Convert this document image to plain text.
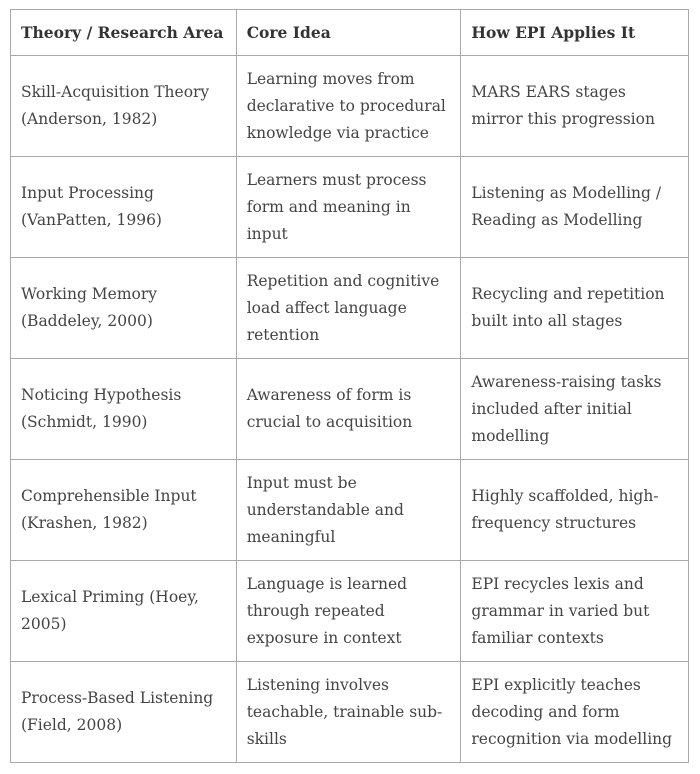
Theory / Research Area	Core Idea	How EPI Applies It
Skill-Acquisition Theory (Anderson, 1982)	Learning moves from declarative to procedural knowledge via practice	MARS EARS stages mirror this progression
Input Processing (VanPatten, 1996)	Learners must process form and meaning in input	Listening as Modelling / Reading as Modelling
Working Memory (Baddeley, 2000)	Repetition and cognitive load affect language retention	Recycling and repetition built into all stages
Noticing Hypothesis (Schmidt, 1990)	Awareness of form is crucial to acquisition	Awareness-raising tasks included after initial modelling
Comprehensible Input (Krashen, 1982)	Input must be understandable and meaningful	Highly scaffolded, high-frequency structures
Lexical Priming (Hoey, 2005)	Language is learned through repeated exposure in context	EPI recycles lexis and grammar in varied but familiar contexts
Process-Based Listening (Field, 2008)	Listening involves teachable, trainable sub-skills	EPI explicitly teaches decoding and form recognition via modelling
